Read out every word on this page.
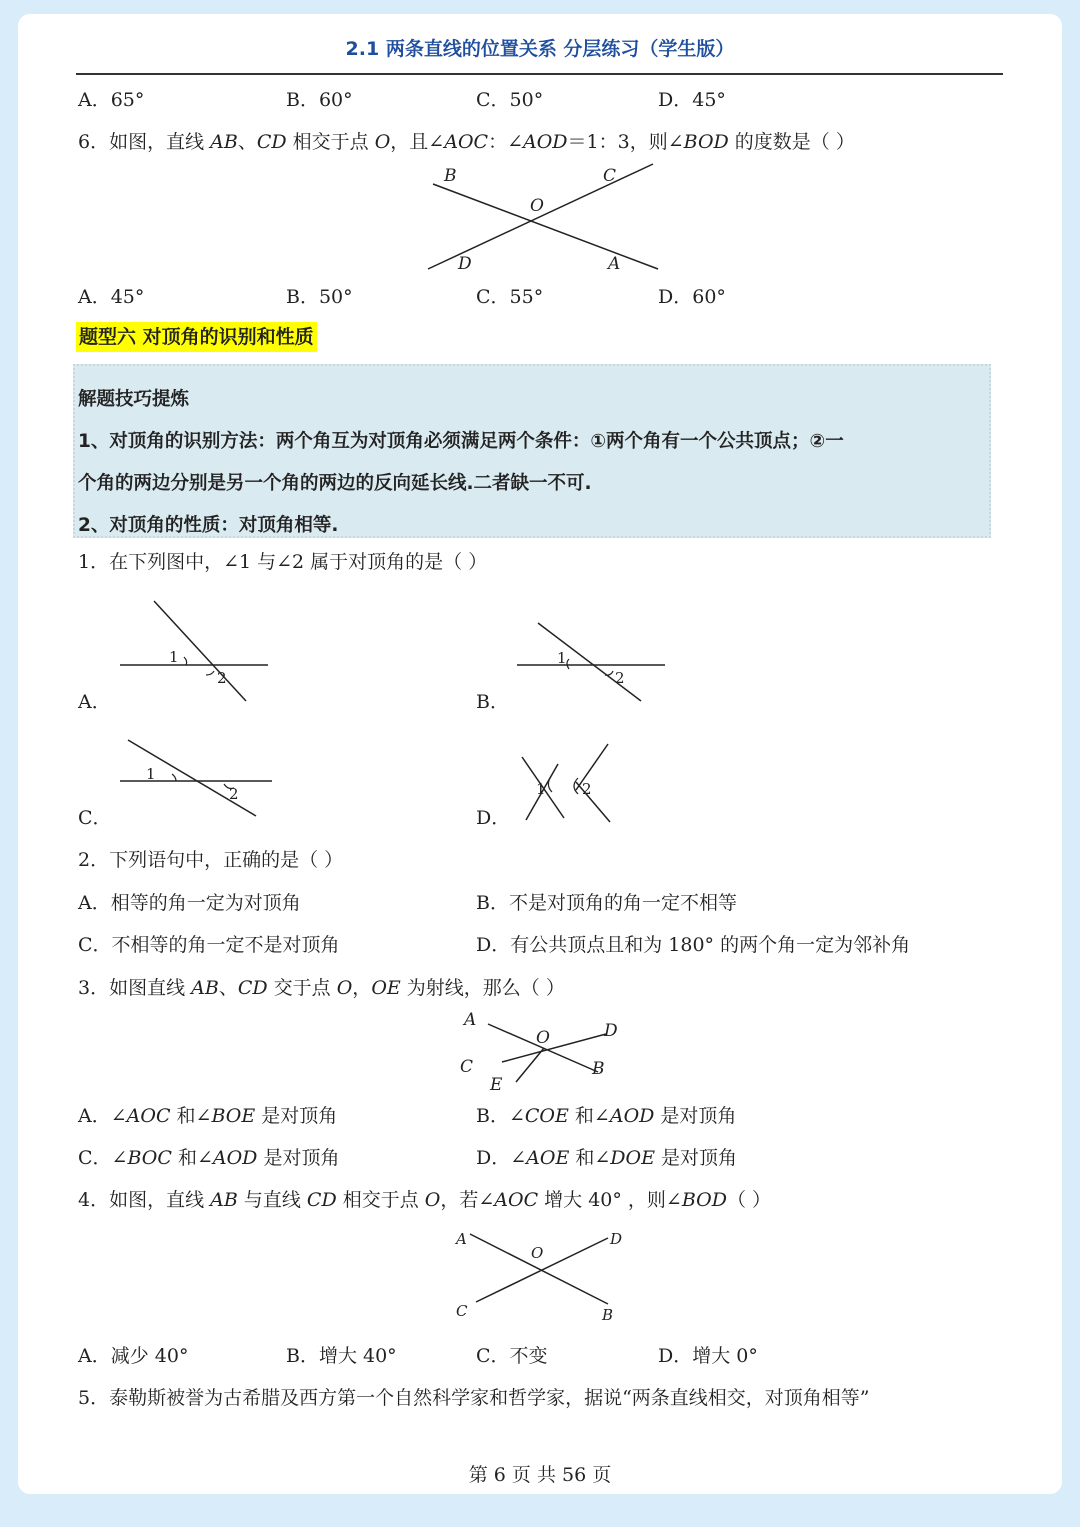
2.1 两条直线的位置关系 分层练习（学生版）
A．65°	B．60°	C．50°	D．45°
6．如图，直线 AB、CD 相交于点 O，且∠AOC：∠AOD＝1：3，则∠BOD 的度数是（ ）
B	C
O
D	A
A．45°	B．50°	C．55°	D．60°
题型六 对顶角的识别和性质
解题技巧提炼
1、对顶角的识别方法：两个角互为对顶角必须满足两个条件：①两个角有一个公共顶点；②一
个角的两边分别是另一个角的两边的反向延长线.二者缺一不可.
2、对顶角的性质：对顶角相等.
1．在下列图中，∠1 与∠2 属于对顶角的是（ ）
1
2
A．
1
2
B．
1
2
C．
1 2
D．
2．下列语句中，正确的是（ ）
A．相等的角一定为对顶角	B．不是对顶角的角一定不相等
C．不相等的角一定不是对顶角	D．有公共顶点且和为 180° 的两个角一定为邻补角
3．如图直线 AB、CD 交于点 O，OE 为射线，那么（ ）
A
O	D
C	B
E
A．∠AOC 和∠BOE 是对顶角	B．∠COE 和∠AOD 是对顶角
C．∠BOC 和∠AOD 是对顶角	D．∠AOE 和∠DOE 是对顶角
4．如图，直线 AB 与直线 CD 相交于点 O，若∠AOC 增大 40° ，则∠BOD（ ）
A
O
D
C	B
A．减少 40°	B．增大 40°	C．不变	D．增大 0°
5．泰勒斯被誉为古希腊及西方第一个自然科学家和哲学家，据说“两条直线相交，对顶角相等”
第 6 页 共 56 页
